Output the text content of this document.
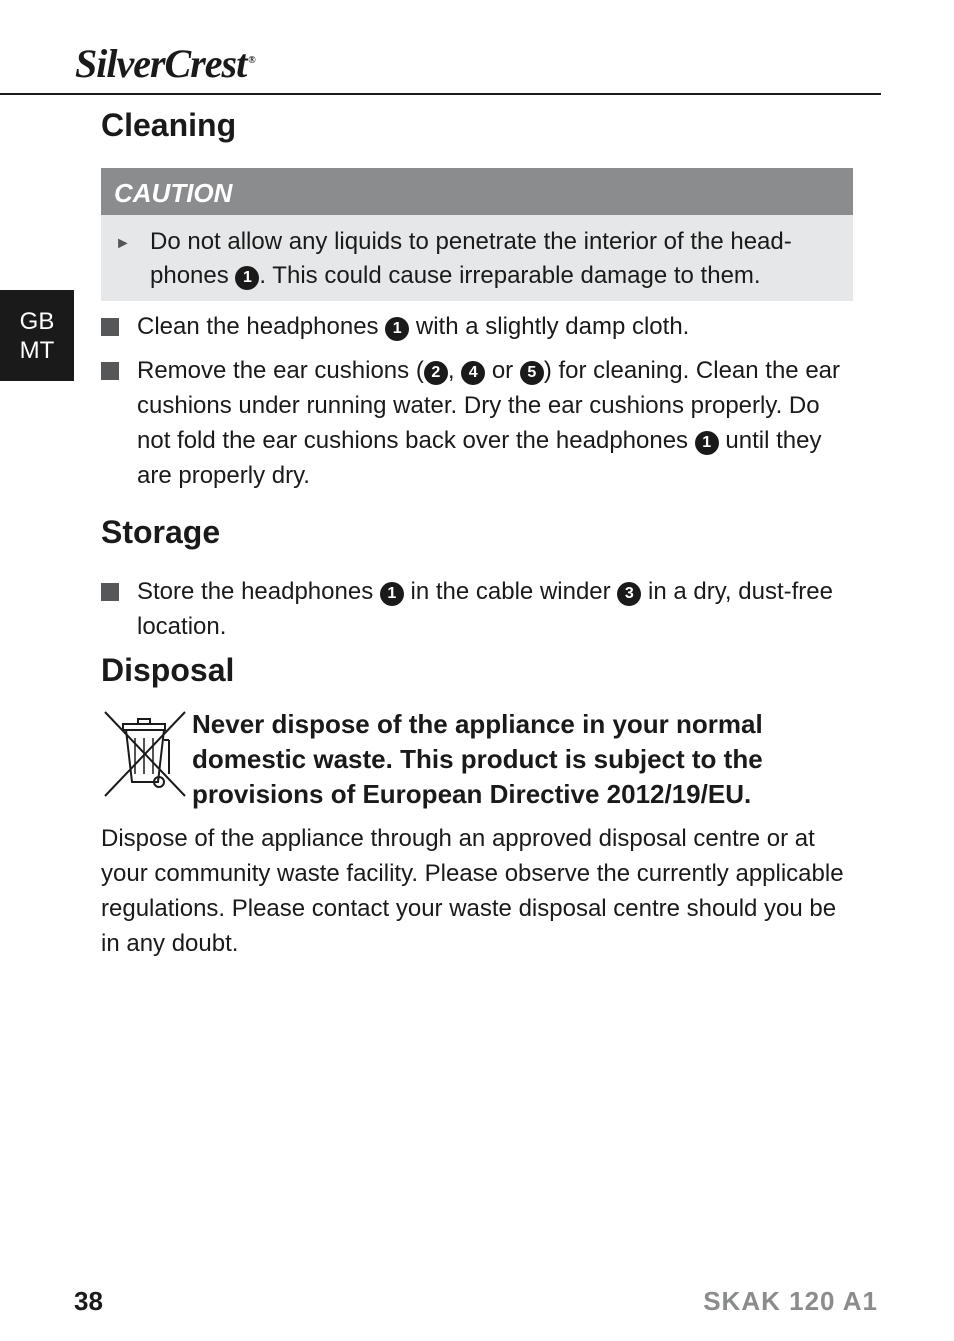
SilverCrest ®
GB
MT
Cleaning
CAUTION
► Do not allow any liquids to penetrate the interior of the head-phones 1 . This could cause irreparable damage to them.
Clean the headphones 1 with a slightly damp cloth.
Remove the ear cushions ( 2 , 4 or 5 ) for cleaning. Clean the ear cushions under running water. Dry the ear cushions properly. Do not fold the ear cushions back over the headphones 1 until they are properly dry.
Storage
Store the headphones 1 in the cable winder 3 in a dry, dust-free location.
Disposal
Never dispose of the appliance in your normal domestic waste. This product is subject to the provisions of European Directive 2012/19/EU.
Dispose of the appliance through an approved disposal centre or at your community waste facility. Please observe the currently applicable regulations. Please contact your waste disposal centre should you be in any doubt.
38	SKAK 120 A1
